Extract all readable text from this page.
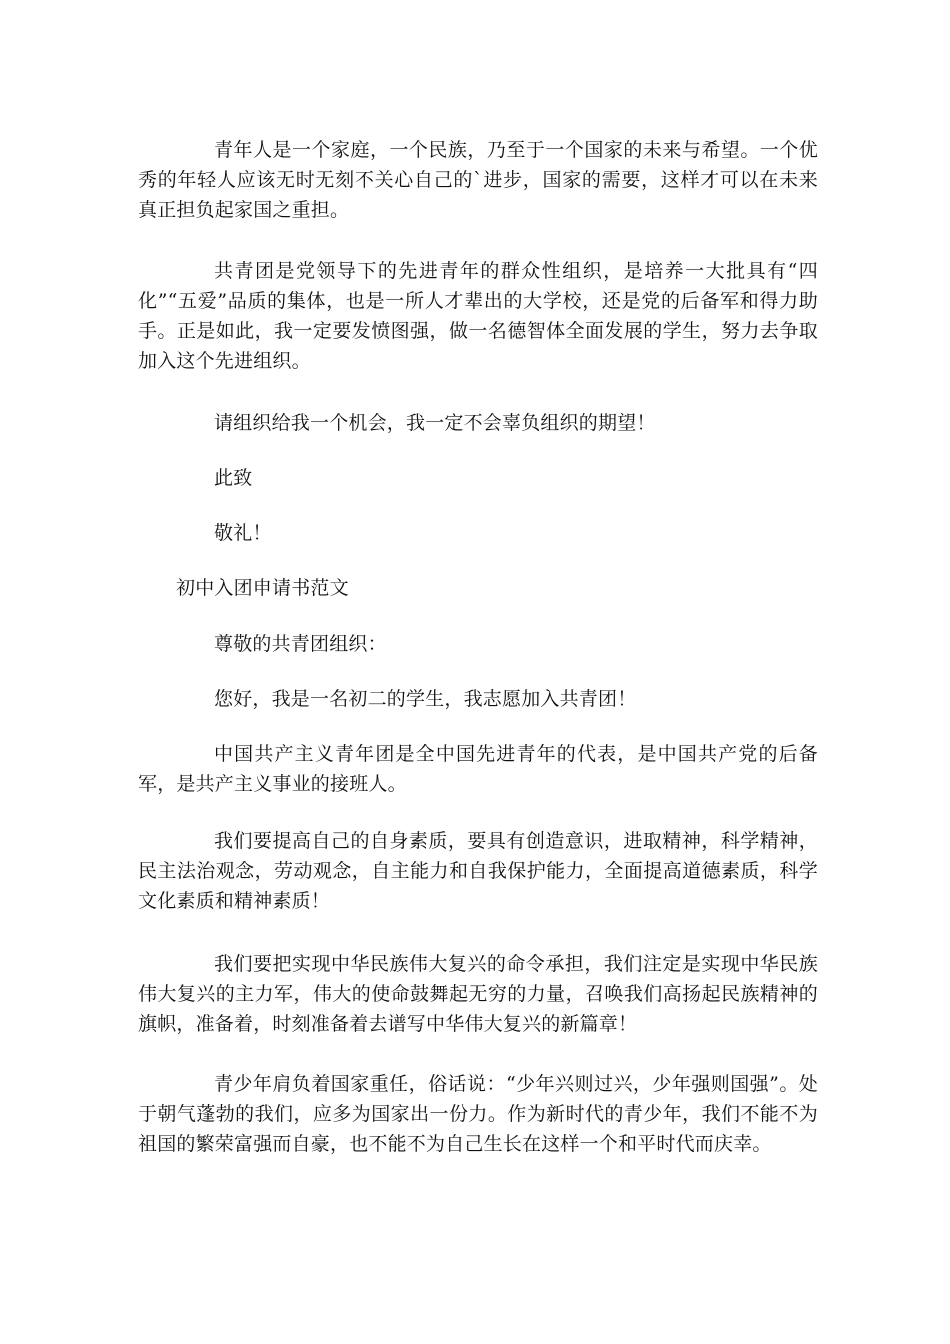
青年人是一个家庭，一个民族，乃至于一个国家的未来与希望。一个优秀的年轻人应该无时无刻不关心自己的`进步，国家的需要，这样才可以在未来真正担负起家国之重担。

共青团是党领导下的先进青年的群众性组织，是培养一大批具有“四化”“五爱”品质的集体，也是一所人才辈出的大学校，还是党的后备军和得力助手。正是如此，我一定要发愤图强，做一名德智体全面发展的学生，努力去争取加入这个先进组织。

请组织给我一个机会，我一定不会辜负组织的期望！

此致

敬礼！

初中入团申请书范文

尊敬的共青团组织：

您好，我是一名初二的学生，我志愿加入共青团！

中国共产主义青年团是全中国先进青年的代表，是中国共产党的后备军，是共产主义事业的接班人。

我们要提高自己的自身素质，要具有创造意识，进取精神，科学精神，民主法治观念，劳动观念，自主能力和自我保护能力，全面提高道德素质，科学文化素质和精神素质！

我们要把实现中华民族伟大复兴的命令承担，我们注定是实现中华民族伟大复兴的主力军，伟大的使命鼓舞起无穷的力量，召唤我们高扬起民族精神的旗帜，准备着，时刻准备着去谱写中华伟大复兴的新篇章！

青少年肩负着国家重任，俗话说：“少年兴则过兴，少年强则国强”。处于朝气蓬勃的我们，应多为国家出一份力。作为新时代的青少年，我们不能不为祖国的繁荣富强而自豪，也不能不为自己生长在这样一个和平时代而庆幸。
